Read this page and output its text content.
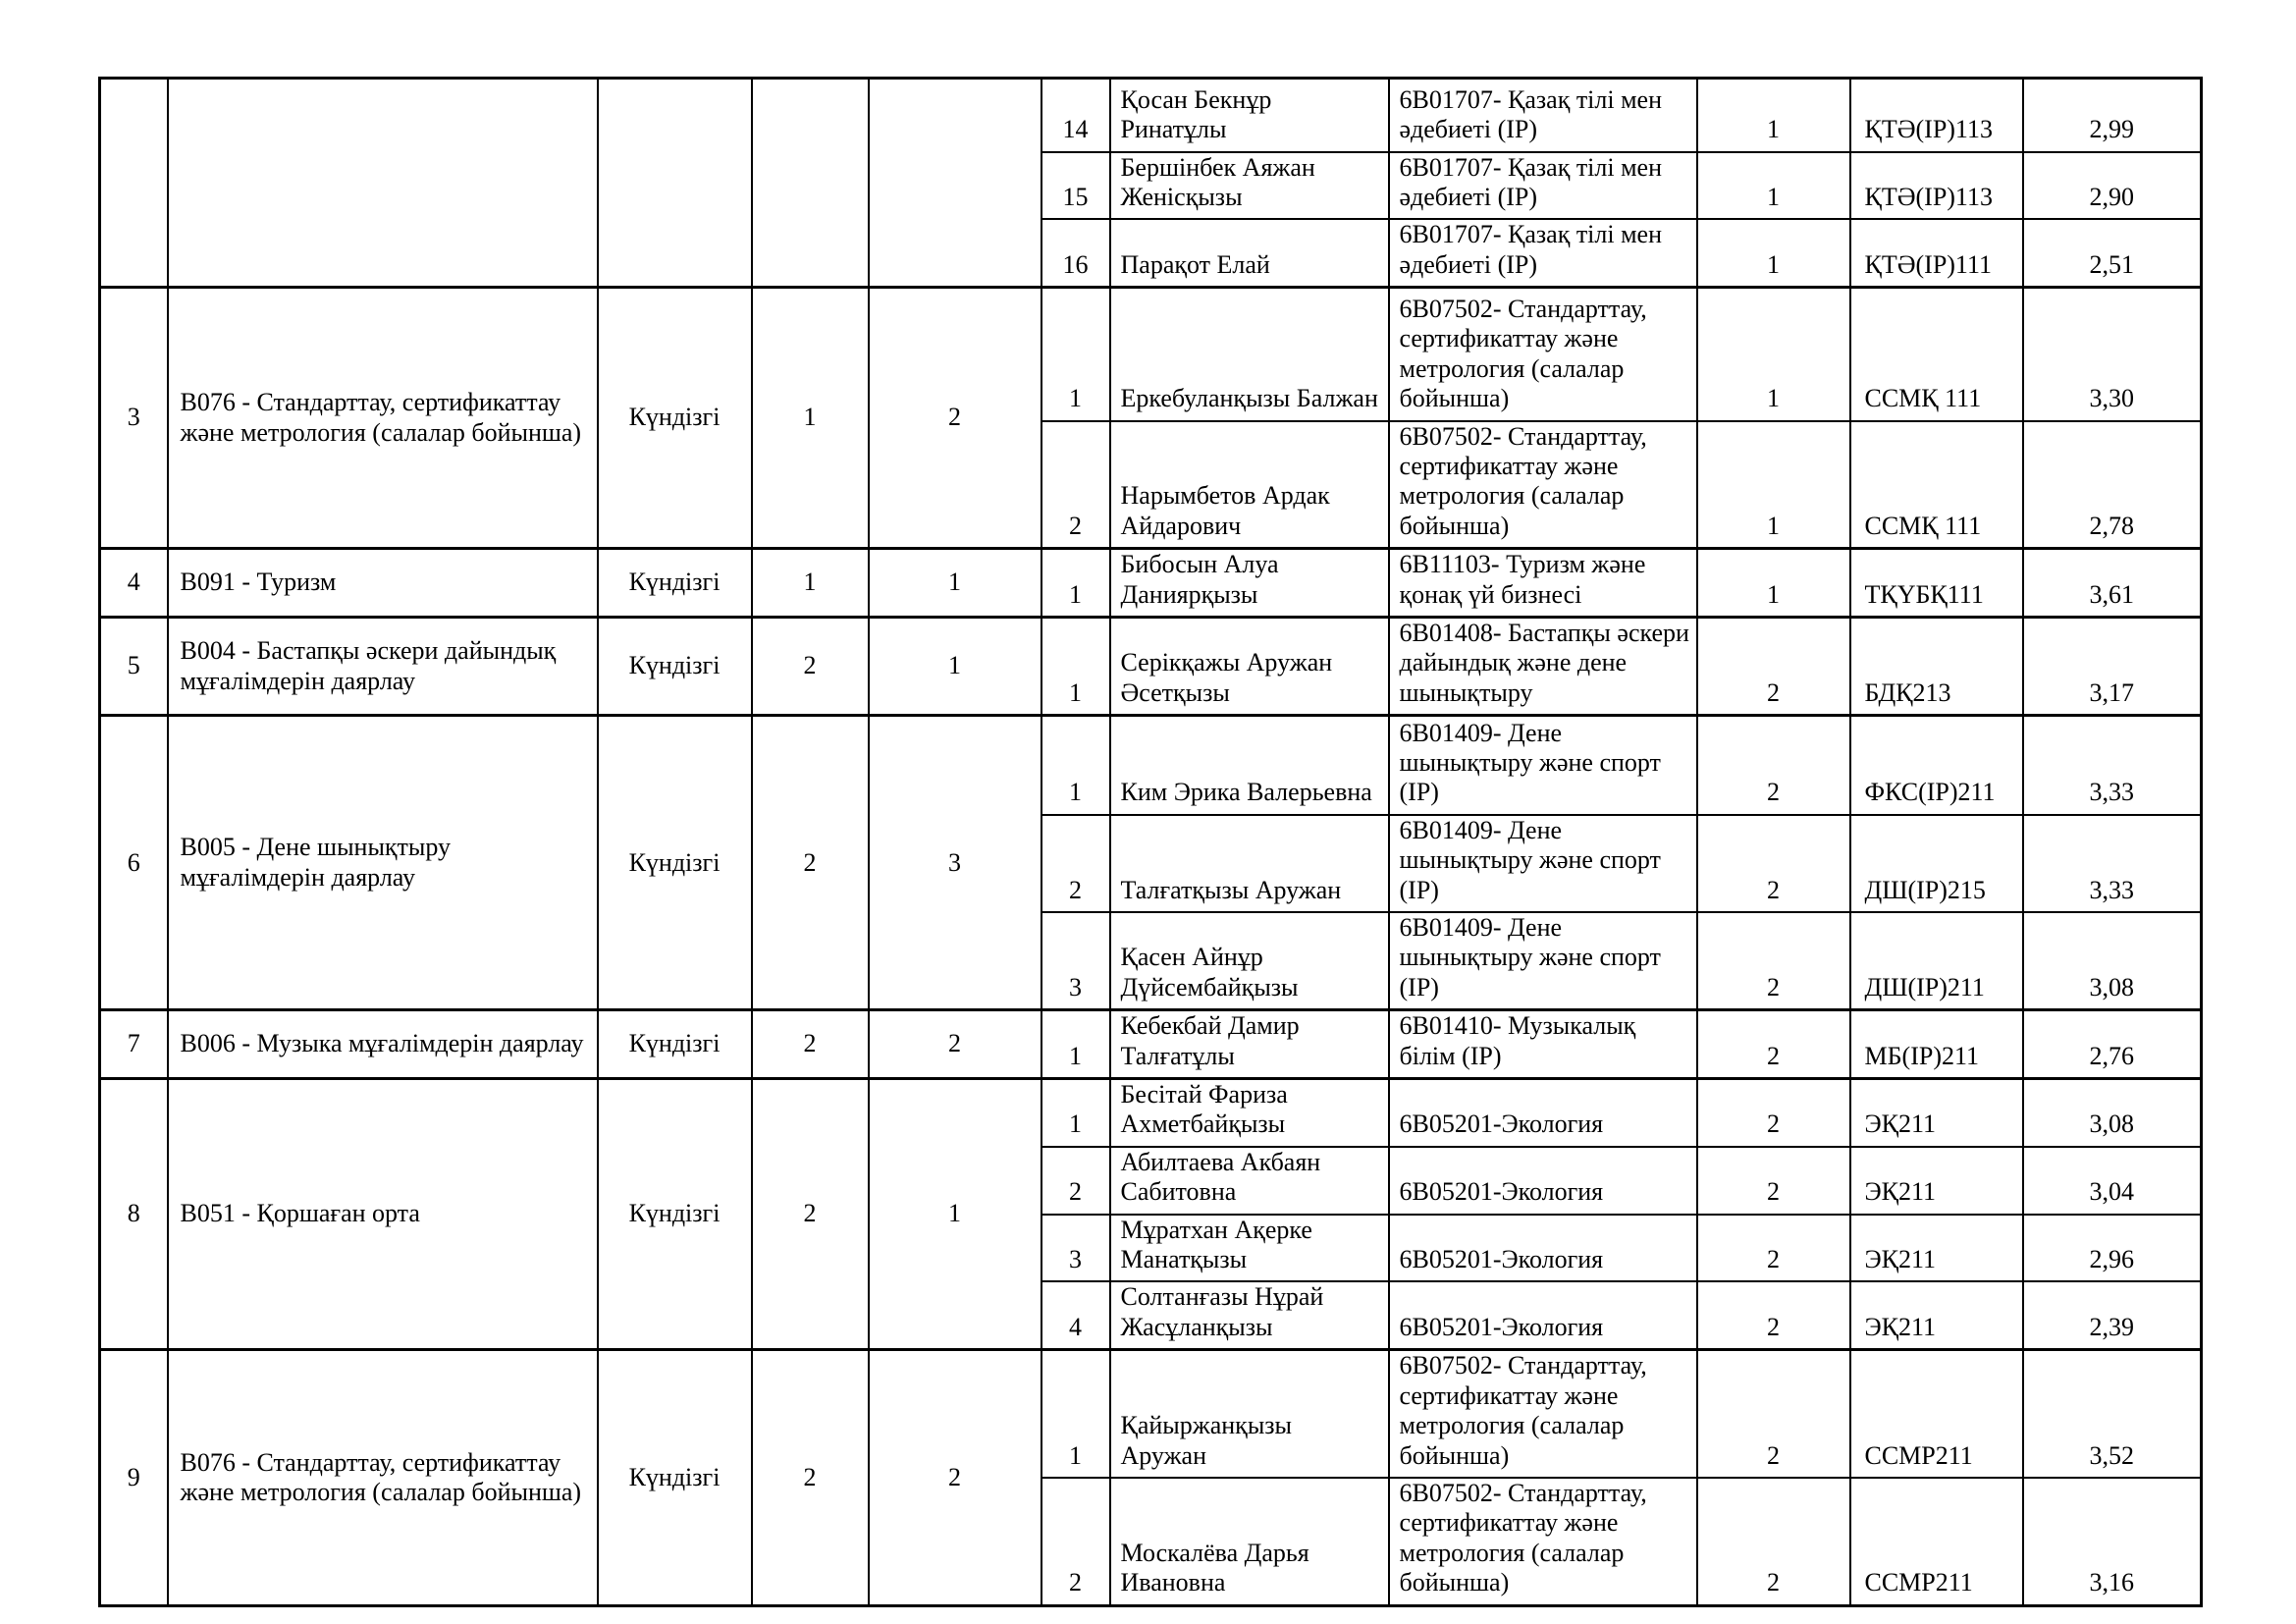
					14	Қосан Бекнұр Ринатұлы	6В01707- Қазақ тілі мен әдебиеті (ІР)	1	ҚТӘ(ІР)113	2,99
					15	Бершінбек Аяжан Женісқызы	6В01707- Қазақ тілі мен әдебиеті (ІР)	1	ҚТӘ(ІР)113	2,90
					16	Парақот Елай	6В01707- Қазақ тілі мен әдебиеті (ІР)	1	ҚТӘ(ІР)111	2,51
3	В076 - Стандарттау, сертификаттау және метрология (салалар бойынша)	Күндізгі	1	2	1	Еркебуланқызы Балжан	6В07502- Стандарттау, сертификаттау және метрология (салалар бойынша)	1	ССМҚ 111	3,30
					2	Нарымбетов Ардак Айдарович	6В07502- Стандарттау, сертификаттау және метрология (салалар бойынша)	1	ССМҚ 111	2,78
4	В091 - Туризм	Күндізгі	1	1	1	Бибосын Алуа Даниярқызы	6В11103- Туризм және қонақ үй бизнесі	1	ТҚҮБҚ111	3,61
5	В004 - Бастапқы әскери дайындық мұғалімдерін даярлау	Күндізгі	2	1	1	Серікқажы Аружан Әсетқызы	6В01408- Бастапқы әскери дайындық және дене шынықтыру	2	БДҚ213	3,17
6	В005 - Дене шынықтыру мұғалімдерін даярлау	Күндізгі	2	3	1	Ким Эрика Валерьевна	6В01409- Дене шынықтыру және спорт (ІР)	2	ФКС(ІР)211	3,33
					2	Талғатқызы Аружан	6В01409- Дене шынықтыру және спорт (ІР)	2	ДШ(ІР)215	3,33
					3	Қасен Айнұр Дүйсембайқызы	6В01409- Дене шынықтыру және спорт (ІР)	2	ДШ(ІР)211	3,08
7	В006 - Музыка мұғалімдерін даярлау	Күндізгі	2	2	1	Кебекбай Дамир Талғатұлы	6В01410- Музыкалық білім (ІР)	2	МБ(ІР)211	2,76
8	В051 - Қоршаған орта	Күндізгі	2	1	1	Бесітай Фариза Ахметбайқызы	6В05201-Экология	2	ЭҚ211	3,08
					2	Абилтаева Акбаян Сабитовна	6В05201-Экология	2	ЭҚ211	3,04
					3	Мұратхан Ақерке Манатқызы	6В05201-Экология	2	ЭҚ211	2,96
					4	Солтанғазы Нұрай Жасұланқызы	6В05201-Экология	2	ЭҚ211	2,39
9	В076 - Стандарттау, сертификаттау және метрология (салалар бойынша)	Күндізгі	2	2	1	Қайыржанқызы Аружан	6В07502- Стандарттау, сертификаттау және метрология (салалар бойынша)	2	ССМР211	3,52
					2	Москалёва Дарья Ивановна	6В07502- Стандарттау, сертификаттау және метрология (салалар бойынша)	2	ССМР211	3,16
